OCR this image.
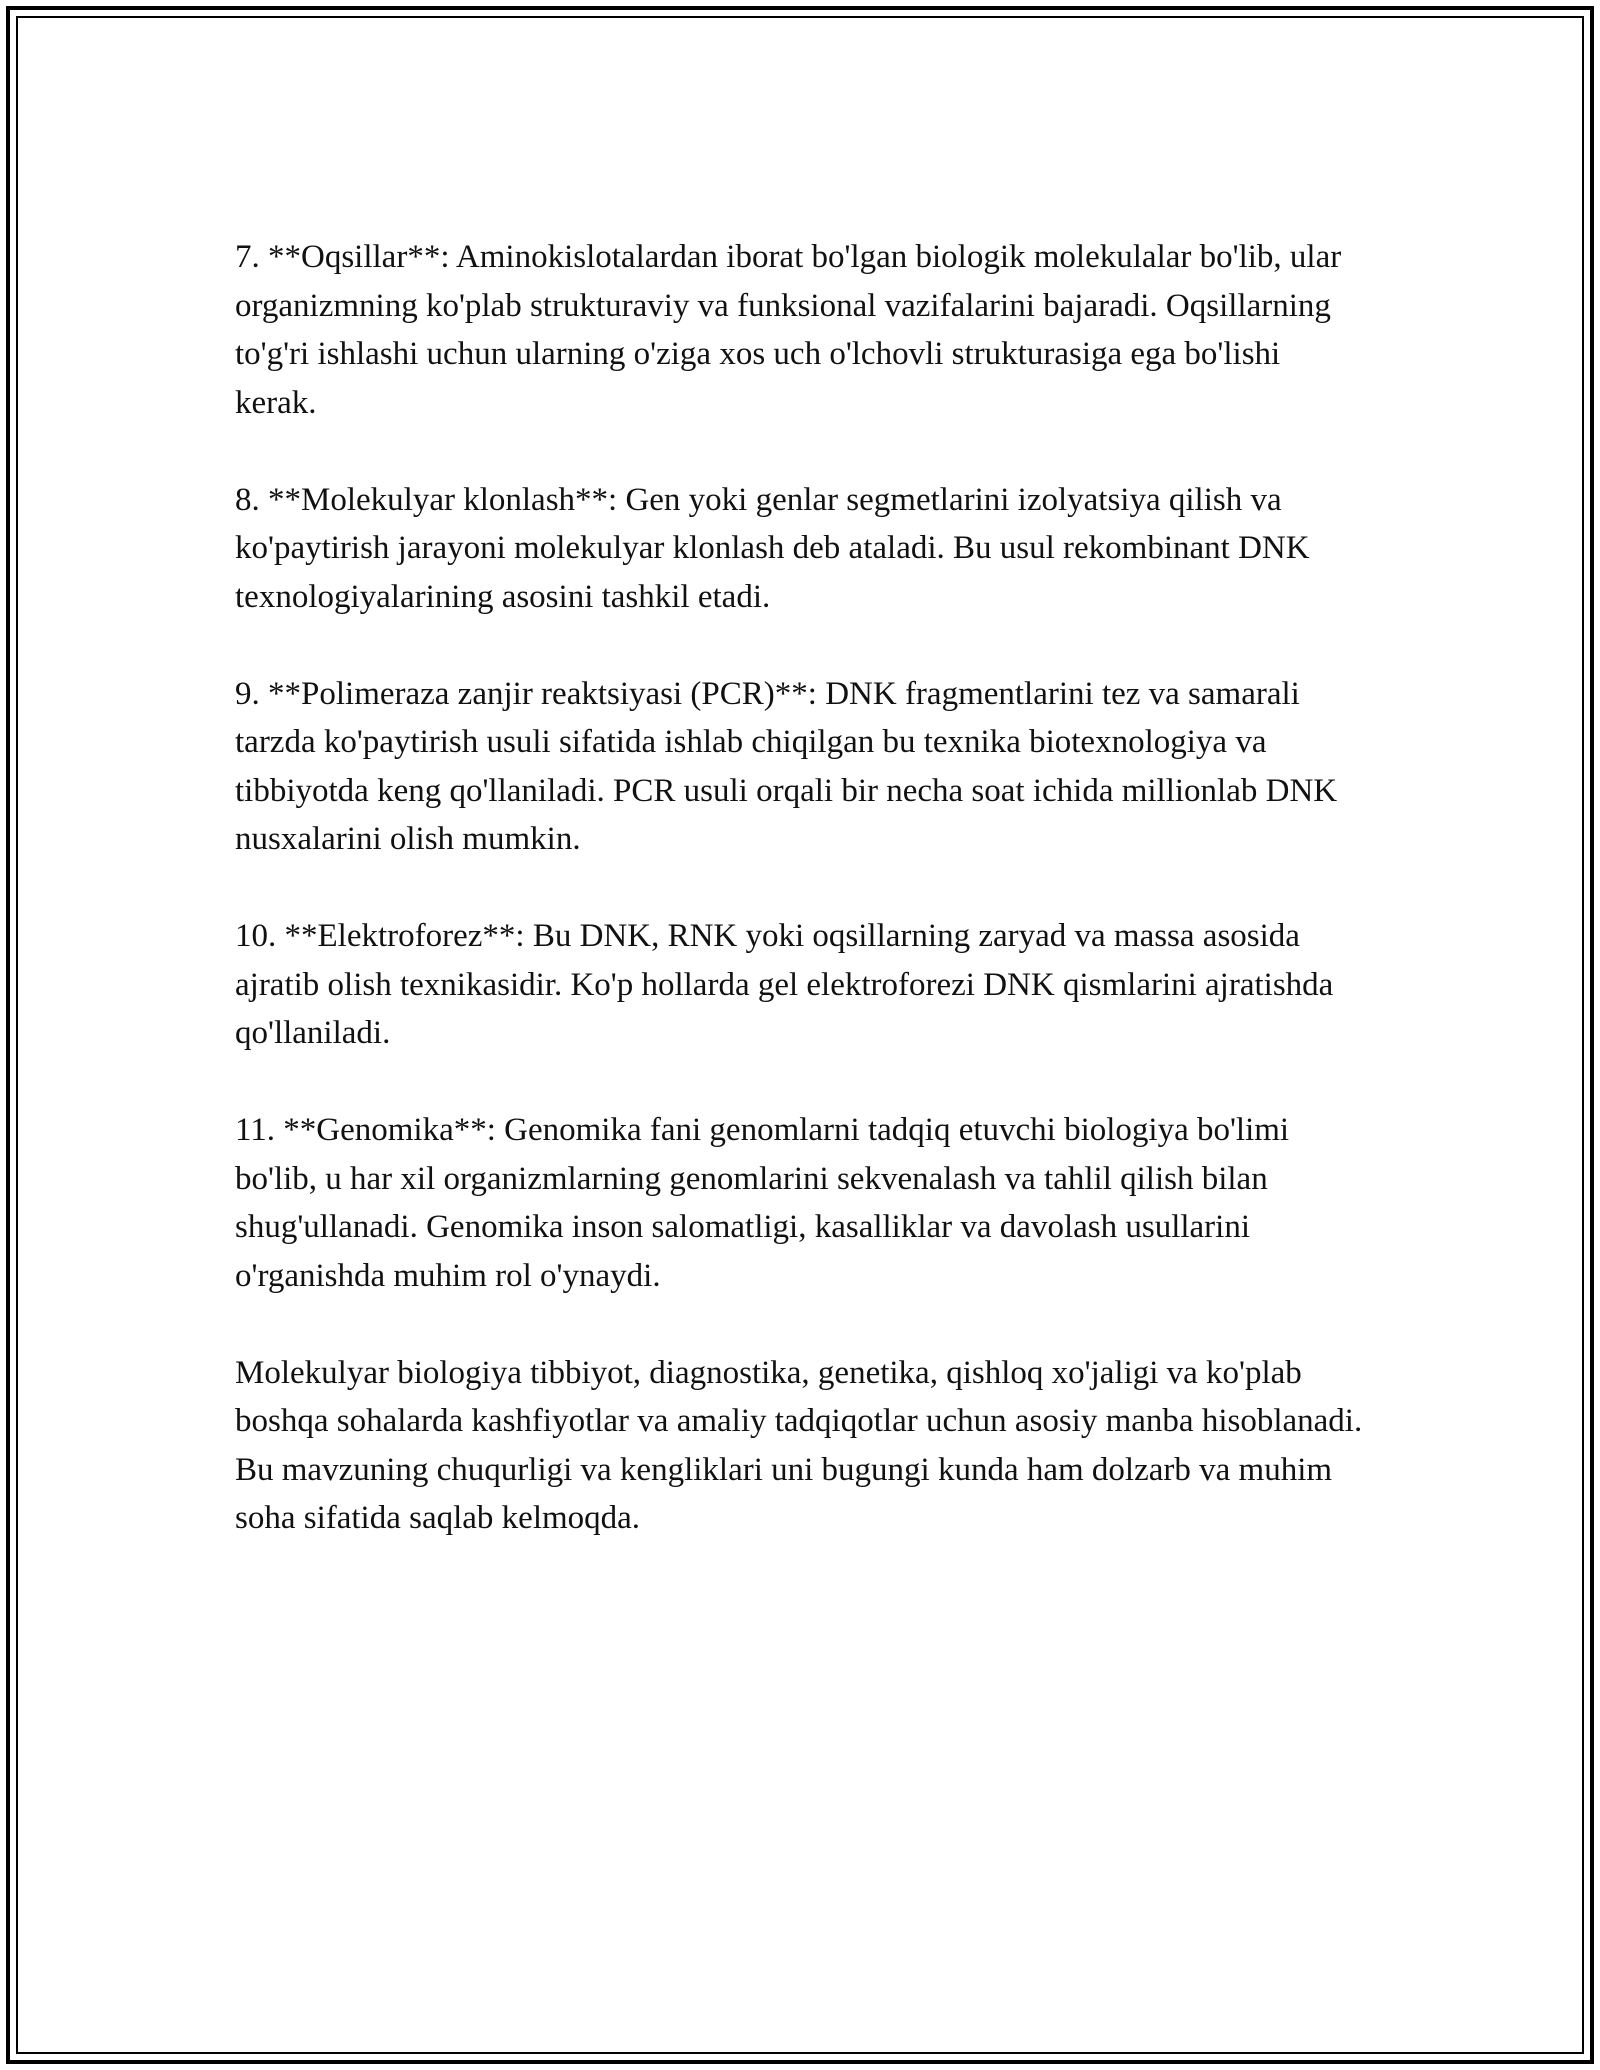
7. **Oqsillar**: Aminokislotalardan iborat bo'lgan biologik molekulalar bo'lib, ular organizmning ko'plab strukturaviy va funksional vazifalarini bajaradi. Oqsillarning to'g'ri ishlashi uchun ularning o'ziga xos uch o'lchovli strukturasiga ega bo'lishi kerak.

8. **Molekulyar klonlash**: Gen yoki genlar segmetlarini izolyatsiya qilish va ko'paytirish jarayoni molekulyar klonlash deb ataladi. Bu usul rekombinant DNK texnologiyalarining asosini tashkil etadi.

9. **Polimeraza zanjir reaktsiyasi (PCR)**: DNK fragmentlarini tez va samarali tarzda ko'paytirish usuli sifatida ishlab chiqilgan bu texnika biotexnologiya va tibbiyotda keng qo'llaniladi. PCR usuli orqali bir necha soat ichida millionlab DNK nusxalarini olish mumkin.

10. **Elektroforez**: Bu DNK, RNK yoki oqsillarning zaryad va massa asosida ajratib olish texnikasidir. Ko'p hollarda gel elektroforezi DNK qismlarini ajratishda qo'llaniladi.

11. **Genomika**: Genomika fani genomlarni tadqiq etuvchi biologiya bo'limi bo'lib, u har xil organizmlarning genomlarini sekvenalash va tahlil qilish bilan shug'ullanadi. Genomika inson salomatligi, kasalliklar va davolash usullarini o'rganishda muhim rol o'ynaydi.

Molekulyar biologiya tibbiyot, diagnostika, genetika, qishloq xo'jaligi va ko'plab boshqa sohalarda kashfiyotlar va amaliy tadqiqotlar uchun asosiy manba hisoblanadi. Bu mavzuning chuqurligi va kengliklari uni bugungi kunda ham dolzarb va muhim soha sifatida saqlab kelmoqda.
